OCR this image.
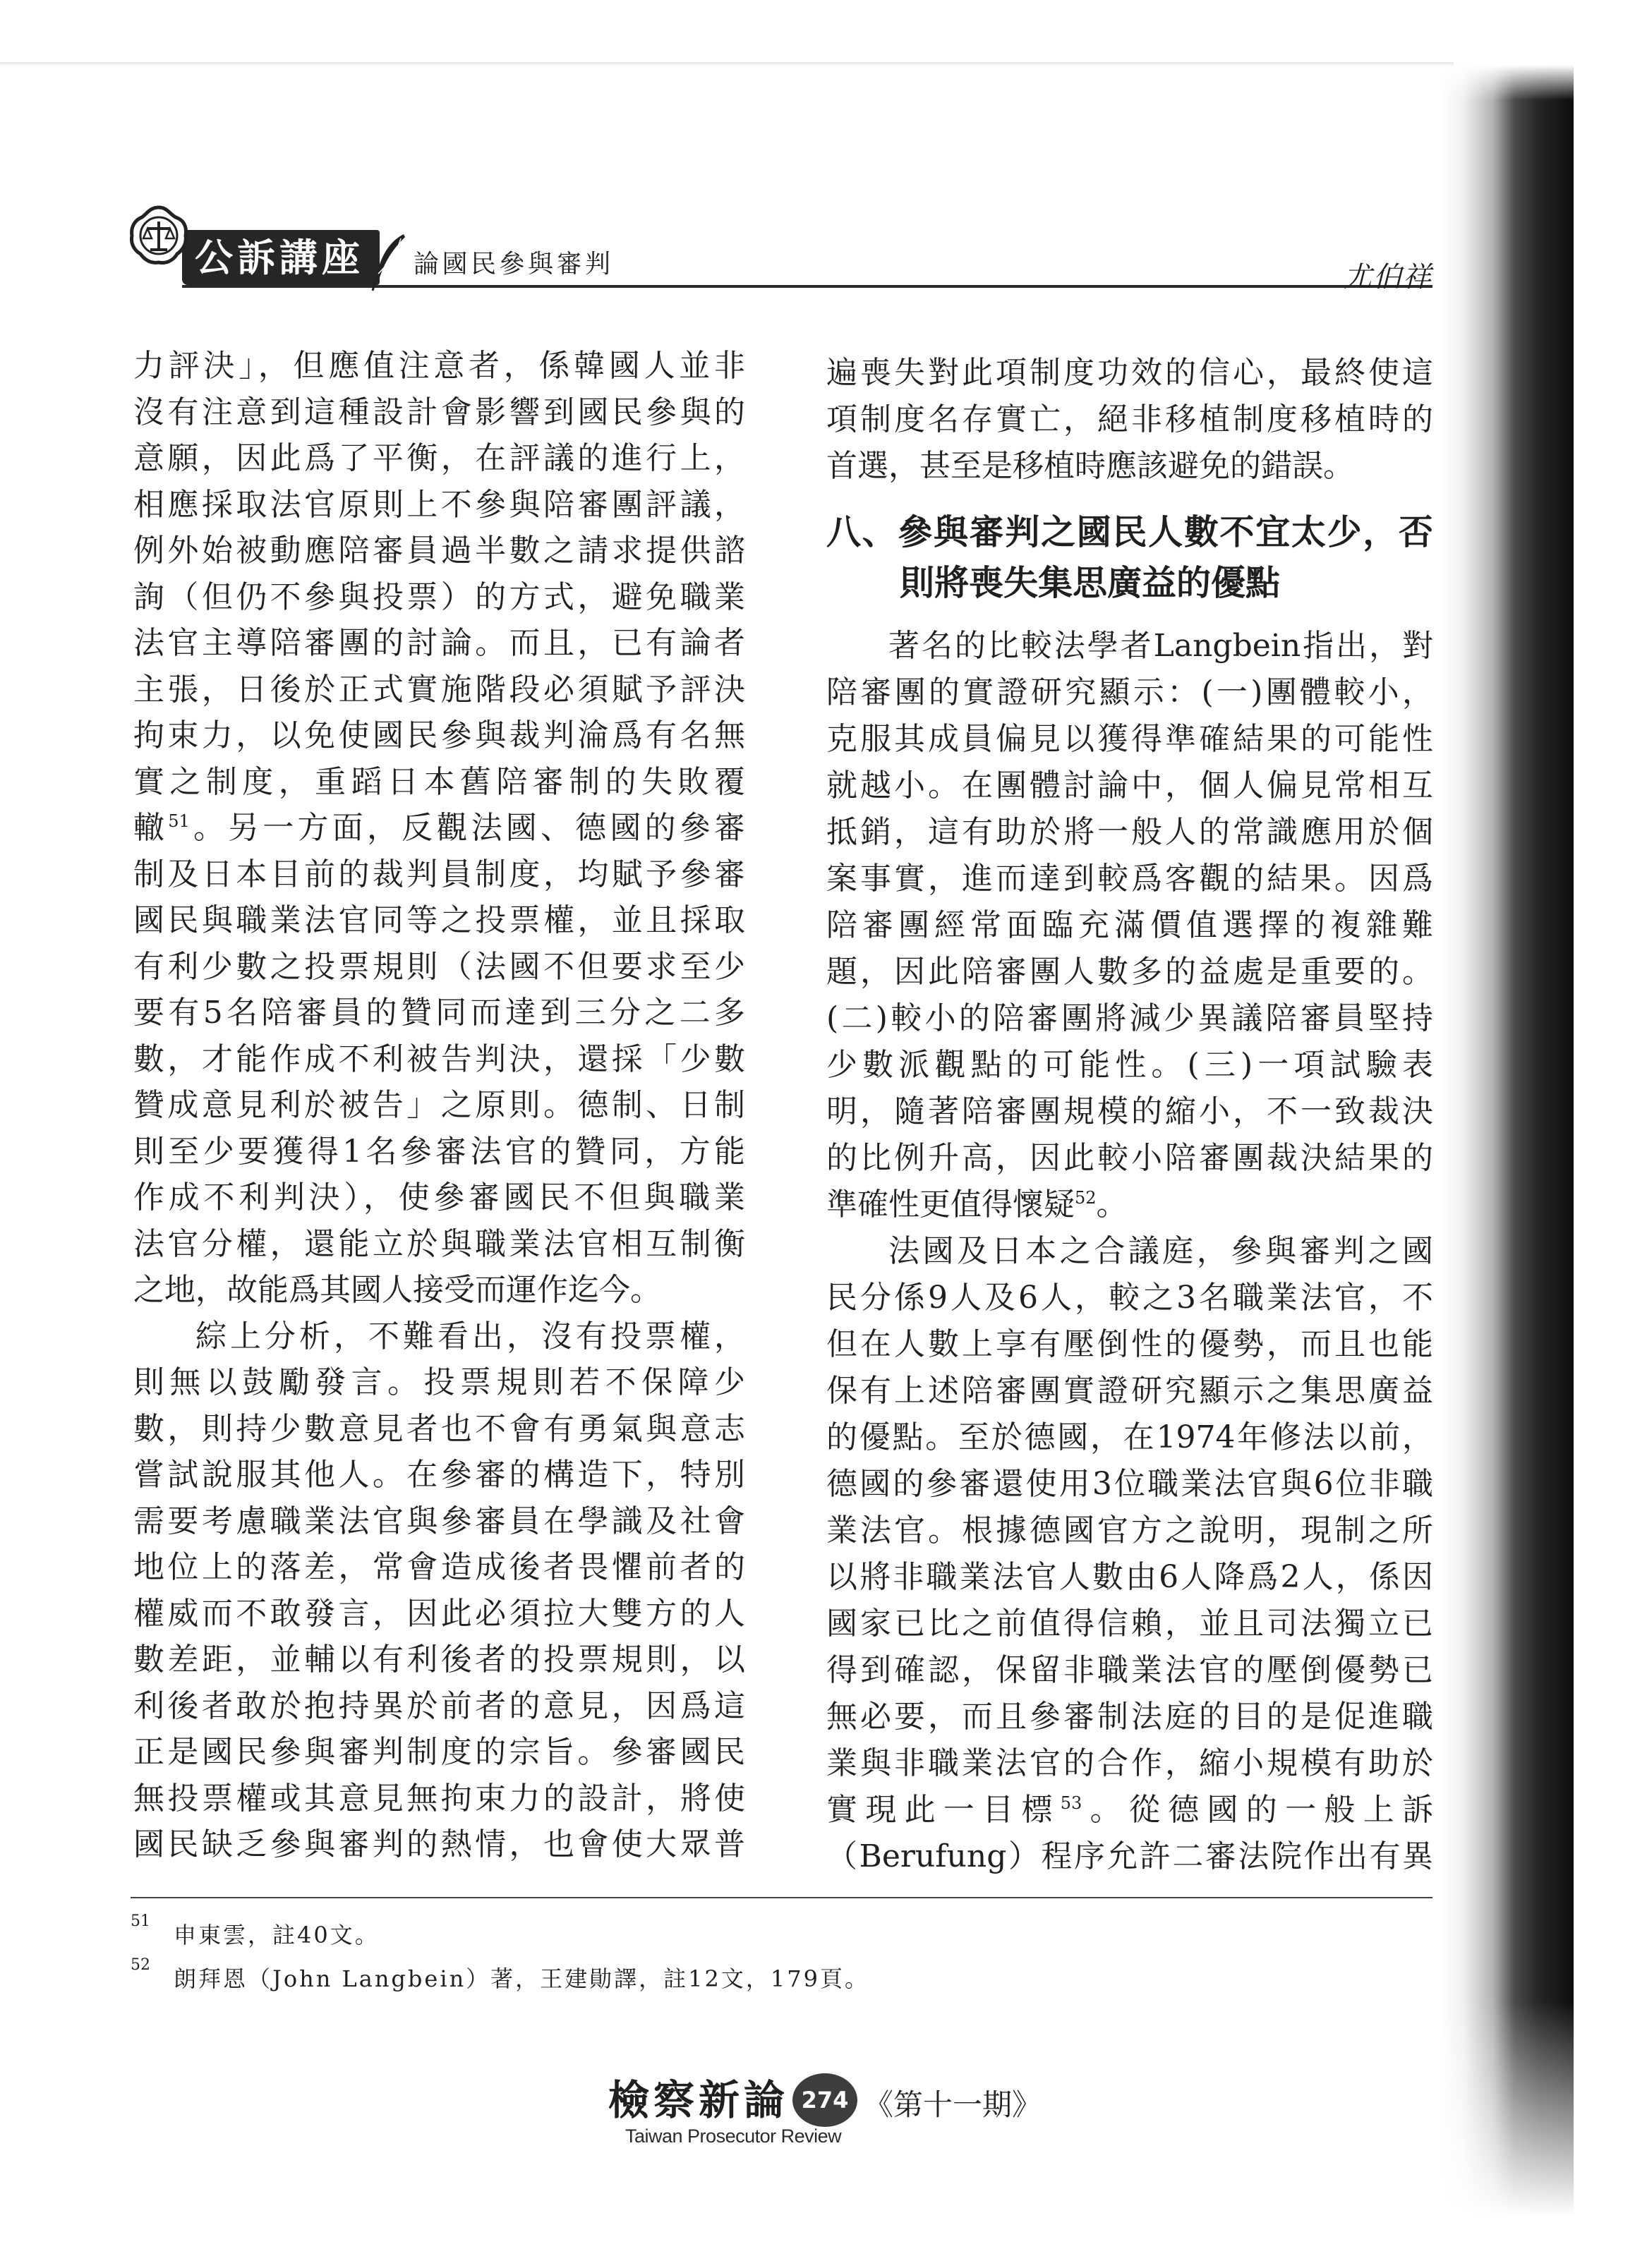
公訴講座	論國民參與審判	尤伯祥
力評決」，但應值注意者，係韓國人並非
沒有注意到這種設計會影響到國民參與的
意願，因此爲了平衡，在評議的進行上，
相應採取法官原則上不參與陪審團評議，
例外始被動應陪審員過半數之請求提供諮
詢（但仍不參與投票）的方式，避免職業
法官主導陪審團的討論。而且，已有論者
主張，日後於正式實施階段必須賦予評決
拘束力，以免使國民參與裁判淪爲有名無
實之制度，重蹈日本舊陪審制的失敗覆
轍$^{51}$。另一方面，反觀法國、德國的參審
制及日本目前的裁判員制度，均賦予參審
國民與職業法官同等之投票權，並且採取
有利少數之投票規則（法國不但要求至少
要有5名陪審員的贊同而達到三分之二多
數，才能作成不利被告判決，還採「少數
贊成意見利於被告」之原則。德制、日制
則至少要獲得1名參審法官的贊同，方能
作成不利判決），使參審國民不但與職業
法官分權，還能立於與職業法官相互制衡
之地，故能爲其國人接受而運作迄今。
綜上分析，不難看出，沒有投票權，
則無以鼓勵發言。投票規則若不保障少
數，則持少數意見者也不會有勇氣與意志
嘗試說服其他人。在參審的構造下，特別
需要考慮職業法官與參審員在學識及社會
地位上的落差，常會造成後者畏懼前者的
權威而不敢發言，因此必須拉大雙方的人
數差距，並輔以有利後者的投票規則，以
利後者敢於抱持異於前者的意見，因爲這
正是國民參與審判制度的宗旨。參審國民
無投票權或其意見無拘束力的設計，將使
國民缺乏參與審判的熱情，也會使大眾普
遍喪失對此項制度功效的信心，最終使這
項制度名存實亡，絕非移植制度移植時的
首選，甚至是移植時應該避免的錯誤。
八、參與審判之國民人數不宜太少，否
則將喪失集思廣益的優點
著名的比較法學者Langbein指出，對
陪審團的實證研究顯示：(一)團體較小，
克服其成員偏見以獲得準確結果的可能性
就越小。在團體討論中，個人偏見常相互
抵銷，這有助於將一般人的常識應用於個
案事實，進而達到較爲客觀的結果。因爲
陪審團經常面臨充滿價值選擇的複雜難
題，因此陪審團人數多的益處是重要的。
(二)較小的陪審團將減少異議陪審員堅持
少數派觀點的可能性。(三)一項試驗表
明，隨著陪審團規模的縮小，不一致裁決
的比例升高，因此較小陪審團裁決結果的
準確性更值得懷疑$^{52}$。
法國及日本之合議庭，參與審判之國
民分係9人及6人，較之3名職業法官，不
但在人數上享有壓倒性的優勢，而且也能
保有上述陪審團實證研究顯示之集思廣益
的優點。至於德國，在1974年修法以前，
德國的參審還使用3位職業法官與6位非職
業法官。根據德國官方之說明，現制之所
以將非職業法官人數由6人降爲2人，係因
國家已比之前值得信賴，並且司法獨立已
得到確認，保留非職業法官的壓倒優勢已
無必要，而且參審制法庭的目的是促進職
業與非職業法官的合作，縮小規模有助於
實現此一目標$^{53}$。從德國的一般上訴
（Berufung）程序允許二審法院作出有異
51
申東雲，註40文。
52
朗拜恩（John Langbein）著，王建勛譯，註12文，179頁。
檢察新論 274 《第十一期》
Taiwan Prosecutor Review
